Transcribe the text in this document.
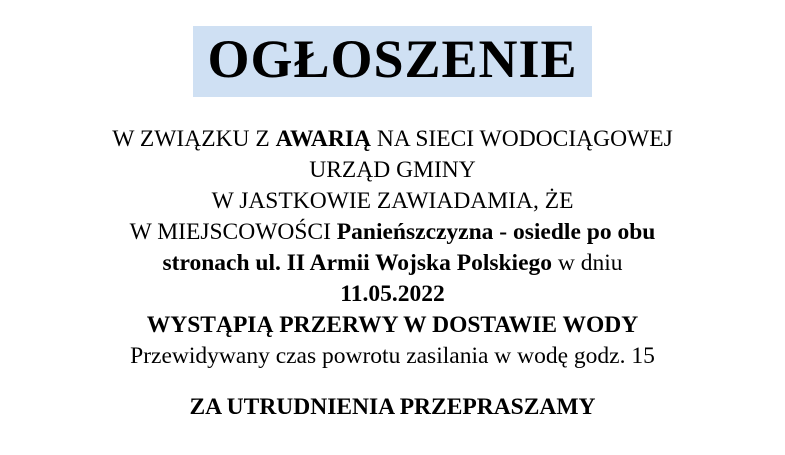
OGŁOSZENIE
W ZWIĄZKU Z AWARIĄ NA SIECI WODOCIĄGOWEJ
URZĄD GMINY
W JASTKOWIE ZAWIADAMIA, ŻE
W MIEJSCOWOŚCI Panieńszczyzna - osiedle po obu
stronach ul. II Armii Wojska Polskiego w dniu
11.05.2022
WYSTĄPIĄ PRZERWY W DOSTAWIE WODY
Przewidywany czas powrotu zasilania w wodę godz. 15
ZA UTRUDNIENIA PRZEPRASZAMY
